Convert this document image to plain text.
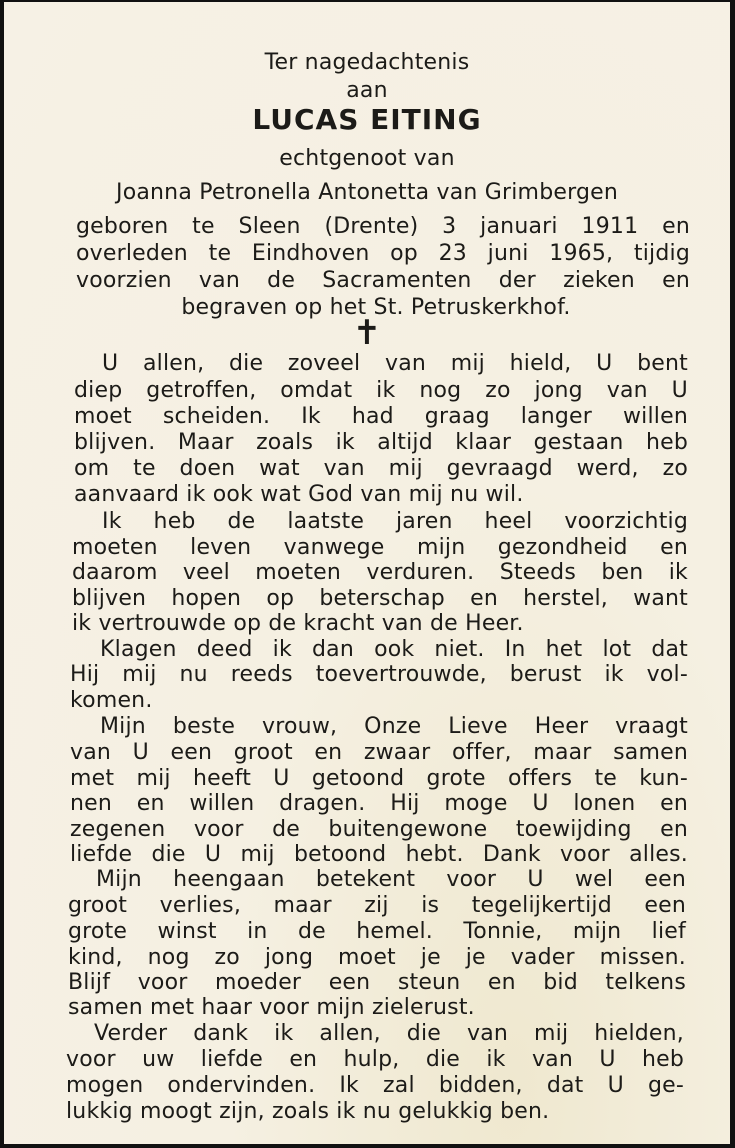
Ter nagedachtenis
aan
LUCAS EITING
echtgenoot van
Joanna Petronella Antonetta van Grimbergen
geboren te Sleen (Drente) 3 januari 1911 en
overleden te Eindhoven op 23 juni 1965, tijdig
voorzien van de Sacramenten der zieken en
begraven op het St. Petruskerkhof.
✝
U allen, die zoveel van mij hield, U bent
diep getroffen, omdat ik nog zo jong van U
moet scheiden. Ik had graag langer willen
blijven. Maar zoals ik altijd klaar gestaan heb
om te doen wat van mij gevraagd werd, zo
aanvaard ik ook wat God van mij nu wil.
Ik heb de laatste jaren heel voorzichtig
moeten leven vanwege mijn gezondheid en
daarom veel moeten verduren. Steeds ben ik
blijven hopen op beterschap en herstel, want
ik vertrouwde op de kracht van de Heer.
Klagen deed ik dan ook niet. In het lot dat
Hij mij nu reeds toevertrouwde, berust ik vol-
komen.
Mijn beste vrouw, Onze Lieve Heer vraagt
van U een groot en zwaar offer, maar samen
met mij heeft U getoond grote offers te kun-
nen en willen dragen. Hij moge U lonen en
zegenen voor de buitengewone toewijding en
liefde die U mij betoond hebt. Dank voor alles.
Mijn heengaan betekent voor U wel een
groot verlies, maar zij is tegelijkertijd een
grote winst in de hemel. Tonnie, mijn lief
kind, nog zo jong moet je je vader missen.
Blijf voor moeder een steun en bid telkens
samen met haar voor mijn zielerust.
Verder dank ik allen, die van mij hielden,
voor uw liefde en hulp, die ik van U heb
mogen ondervinden. Ik zal bidden, dat U ge-
lukkig moogt zijn, zoals ik nu gelukkig ben.
